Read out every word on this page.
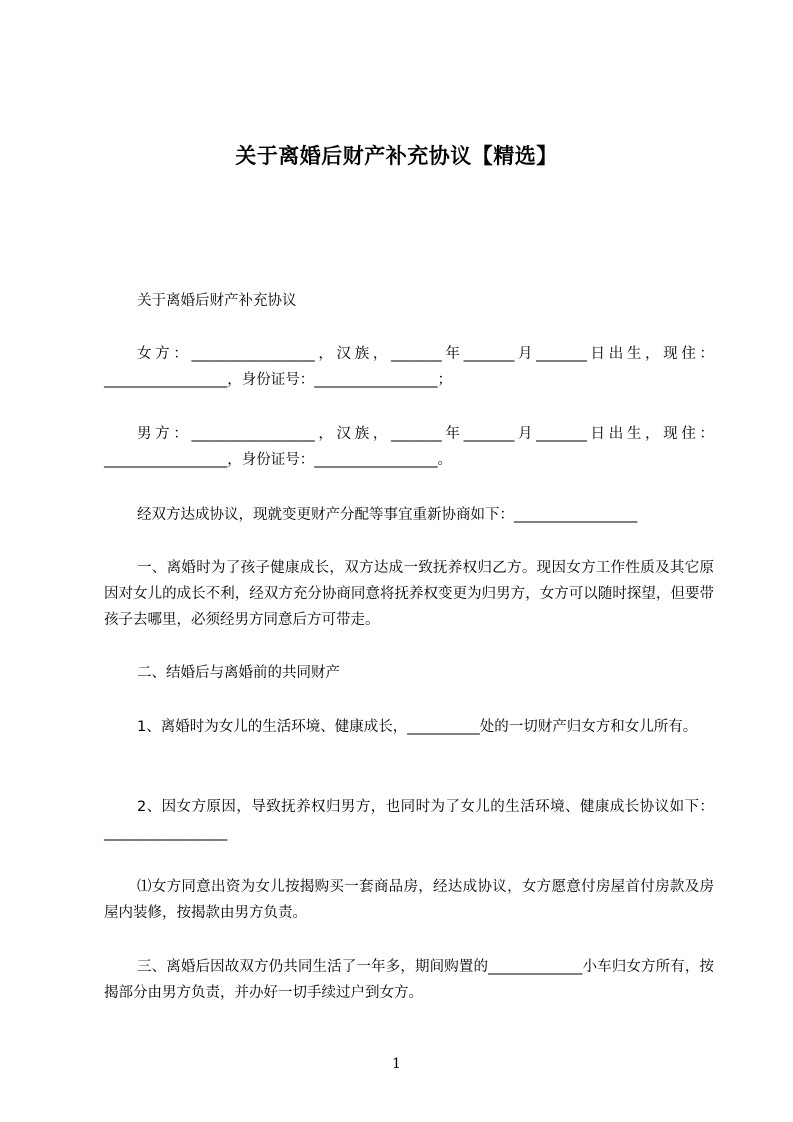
关于离婚后财产补充协议【精选】
关于离婚后财产补充协议
女方：_________________，汉族，_______年_______月_______日出生，现住：_________________，身份证号：_________________；
男方：_________________，汉族，_______年_______月_______日出生，现住：_________________，身份证号：_________________。
经双方达成协议，现就变更财产分配等事宜重新协商如下：_________________
一、离婚时为了孩子健康成长，双方达成一致抚养权归乙方。现因女方工作性质及其它原因对女儿的成长不利，经双方充分协商同意将抚养权变更为归男方，女方可以随时探望，但要带孩子去哪里，必须经男方同意后方可带走。
二、结婚后与离婚前的共同财产
1、离婚时为女儿的生活环境、健康成长，__________处的一切财产归女方和女儿所有。
2、因女方原因，导致抚养权归男方，也同时为了女儿的生活环境、健康成长协议如下：_________________
⑴女方同意出资为女儿按揭购买一套商品房，经达成协议，女方愿意付房屋首付房款及房屋内装修，按揭款由男方负责。
三、离婚后因故双方仍共同生活了一年多，期间购置的_____________小车归女方所有，按揭部分由男方负责，并办好一切手续过户到女方。
1
